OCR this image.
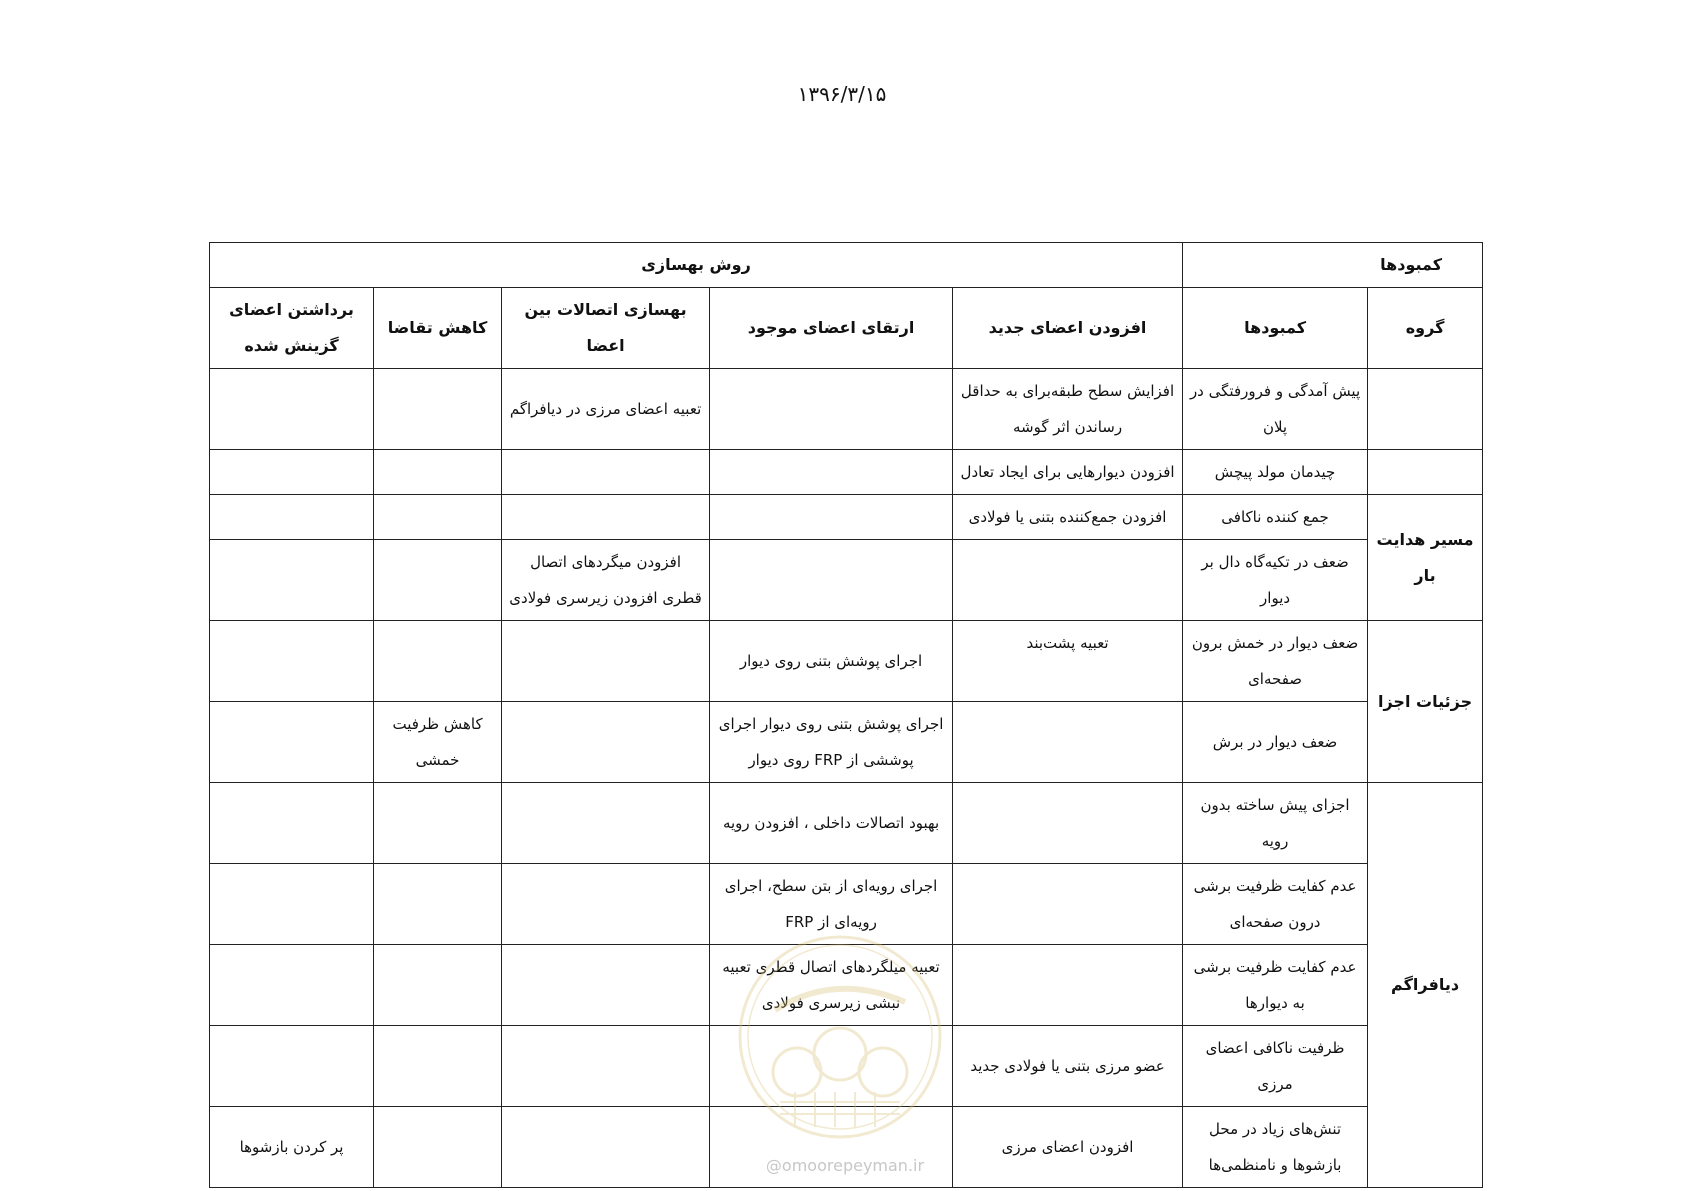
۱۳۹۶/۳/۱۵
کمبودها		روش بهسازی				
گروه	کمبودها	افزودن اعضای جدید	ارتقای اعضای موجود	بهسازی اتصالات بین اعضا	کاهش تقاضا	برداشتن اعضای گزینش شده
	پیش آمدگی و فرورفتگی در پلان	افزایش سطح طبقه‌برای به حداقل رساندن اثر گوشه		تعبیه اعضای مرزی در دیافراگم		
	چیدمان مولد پیچش	افزودن دیوارهایی برای ایجاد تعادل				
مسیر هدایت بار	جمع کننده ناکافی	افزودن جمع‌کننده بتنی یا فولادی				
	ضعف در تکیه‌گاه دال بر دیوار			افزودن میگردهای اتصال قطری افزودن زیرسری فولادی		
جزئیات اجزا	ضعف دیوار در خمش برون صفحه‌ای	تعبیه پشت‌بند	اجرای پوشش بتنی روی دیوار			
	ضعف دیوار در برش		اجرای پوشش بتنی روی دیوار اجرای پوششی از FRP روی دیوار		کاهش ظرفیت خمشی	
دیافراگم	اجزای پیش ساخته بدون رویه		بهبود اتصالات داخلی ، افزودن رویه			
	عدم کفایت ظرفیت برشی درون صفحه‌ای		اجرای رویه‌ای از بتن سطح، اجرای رویه‌ای از FRP			
	عدم کفایت ظرفیت برشی به دیوارها		تعبیه میلگردهای اتصال قطری تعبیه نبشی زیرسری فولادی			
	ظرفیت ناکافی اعضای مرزی	عضو مرزی بتنی یا فولادی جدید				
	تنش‌های زیاد در محل بازشوها و نامنظمی‌ها	افزودن اعضای مرزی				پر کردن بازشوها
@omoorepeyman.ir
